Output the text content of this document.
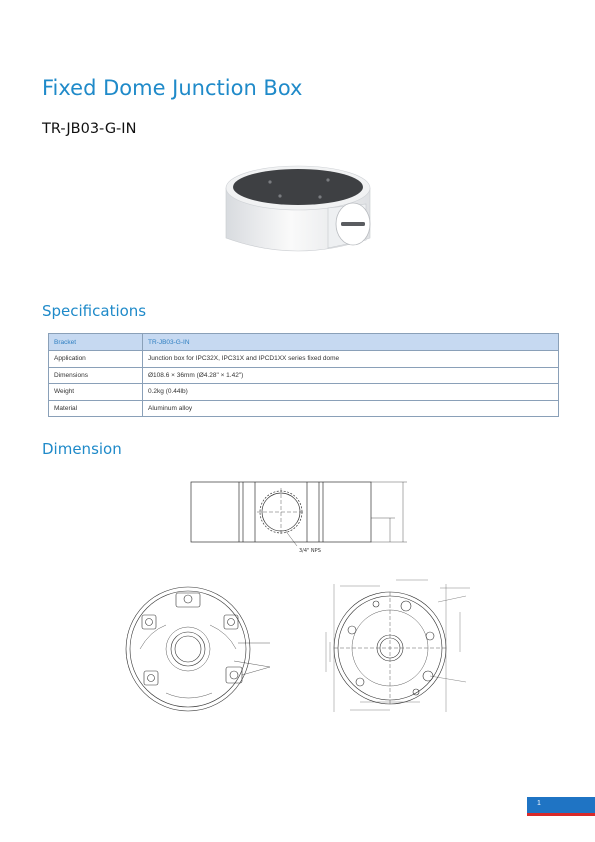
Fixed Dome Junction Box
TR-JB03-G-IN
Specifications
Bracket	TR-JB03-G-IN
Application	Junction box for IPC32X, IPC31X and IPCD1XX series fixed dome
Dimensions	Ø108.6 × 36mm (Ø4.28" × 1.42")
Weight	0.2kg (0.44lb)
Material	Aluminum alloy
Dimension
3/4" NPS
1
